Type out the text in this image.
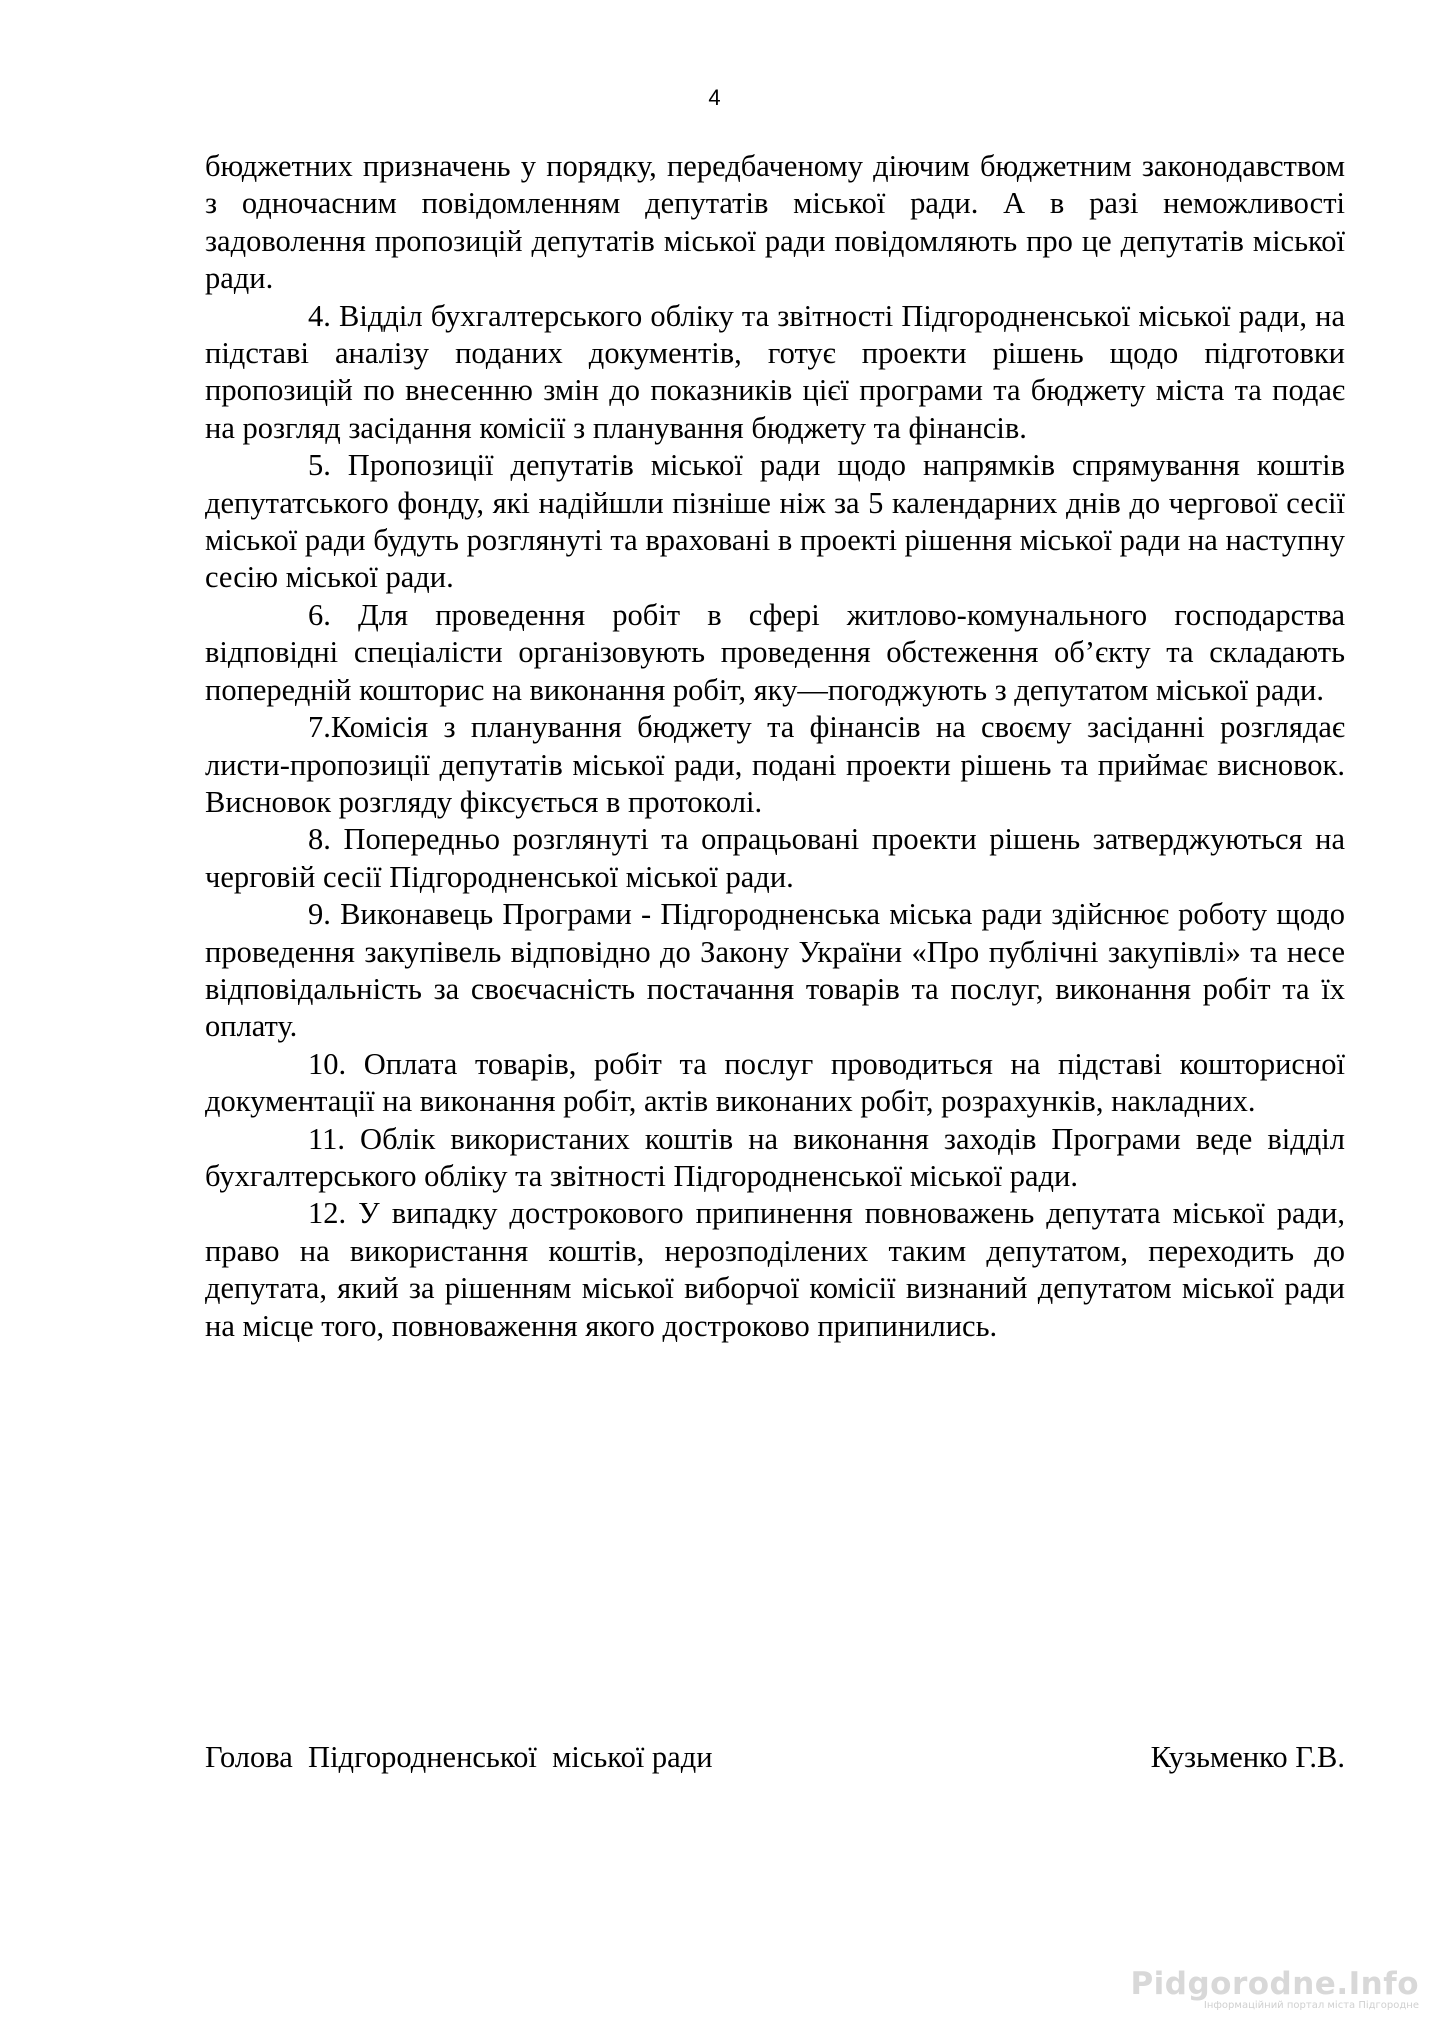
4

бюджетних призначень у порядку, передбаченому діючим бюджетним законодавством з одночасним повідомленням депутатів міської ради. А в разі неможливості задоволення пропозицій депутатів міської ради повідомляють про це депутатів міської ради.

4. Відділ бухгалтерського обліку та звітності Підгородненської міської ради, на підставі аналізу поданих документів, готує проекти рішень щодо підготовки пропозицій по внесенню змін до показників цієї програми та бюджету міста та подає на розгляд засідання комісії з планування бюджету та фінансів.

5. Пропозиції депутатів міської ради щодо напрямків спрямування коштів депутатського фонду, які надійшли пізніше ніж за 5 календарних днів до чергової сесії міської ради будуть розглянуті та враховані в проекті рішення міської ради на наступну сесію міської ради.

6. Для проведення робіт в сфері житлово-комунального господарства відповідні спеціалісти організовують проведення обстеження об’єкту та складають попередній кошторис на виконання робіт, яку—погоджують з депутатом міської ради.

7.Комісія з планування бюджету та фінансів на своєму засіданні розглядає листи-пропозиції депутатів міської ради, подані проекти рішень та приймає висновок. Висновок розгляду фіксується в протоколі.

8. Попередньо розглянуті та опрацьовані проекти рішень затверджуються на черговій сесії Підгородненської міської ради.

9. Виконавець Програми - Підгородненська міська ради здійснює роботу щодо проведення закупівель відповідно до Закону України «Про публічні закупівлі» та несе відповідальність за своєчасність постачання товарів та послуг, виконання робіт та їх оплату.

10. Оплата товарів, робіт та послуг проводиться на підставі кошторисної документації на виконання робіт, актів виконаних робіт, розрахунків, накладних.

11. Облік використаних коштів на виконання заходів Програми веде відділ бухгалтерського обліку та звітності Підгородненської міської ради.

12. У випадку дострокового припинення повноважень депутата міської ради, право на використання коштів, нерозподілених таким депутатом, переходить до депутата, який за рішенням міської виборчої комісії визнаний депутатом міської ради на місце того, повноваження якого достроково припинились.

Голова  Підгородненської  міської ради	Кузьменко Г.В.
Pidgorodne.Info
Інформаційний портал міста Підгородне
